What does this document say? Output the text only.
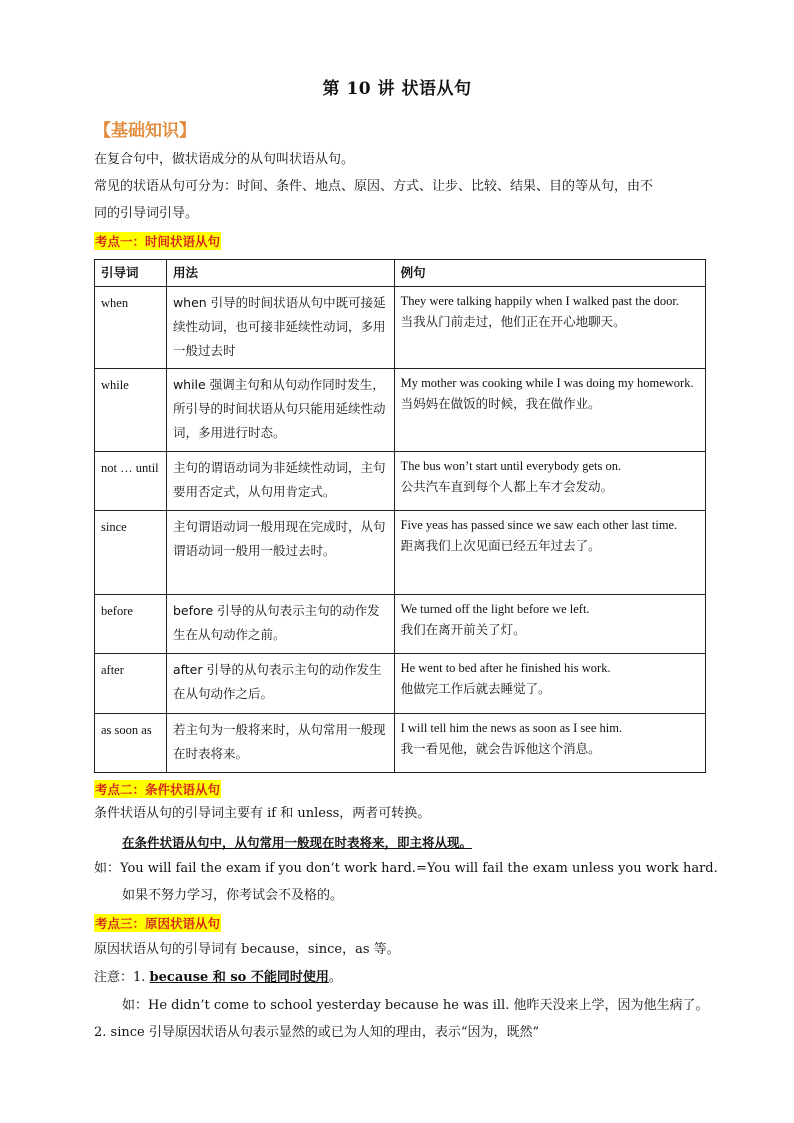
第 10 讲 状语从句
【基础知识】
在复合句中，做状语成分的从句叫状语从句。
常见的状语从句可分为：时间、条件、地点、原因、方式、让步、比较、结果、目的等从句，由不
同的引导词引导。
考点一：时间状语从句
引导词	用法	例句
when	when 引导的时间状语从句中既可接延续性动词，也可接非延续性动词，多用一般过去时	They were talking happily when I walked past the door.
当我从门前走过，他们正在开心地聊天。

while	while 强调主句和从句动作同时发生，所引导的时间状语从句只能用延续性动词，多用进行时态。	My mother was cooking while I was doing my homework.
当妈妈在做饭的时候，我在做作业。

not … until	主句的谓语动词为非延续性动词，主句要用否定式，从句用肯定式。	The bus won’t start until everybody gets on.
公共汽车直到每个人都上车才会发动。

since	主句谓语动词一般用现在完成时，从句谓语动词一般用一般过去时。	Five yeas has passed since we saw each other last time.
距离我们上次见面已经五年过去了。

before	before 引导的从句表示主句的动作发生在从句动作之前。	We turned off the light before we left.
我们在离开前关了灯。

after	after 引导的从句表示主句的动作发生在从句动作之后。	He went to bed after he finished his work.
他做完工作后就去睡觉了。

as soon as	若主句为一般将来时，从句常用一般现在时表将来。	I will tell him the news as soon as I see him.
我一看见他，就会告诉他这个消息。
考点二：条件状语从句
条件状语从句的引导词主要有 if 和 unless，两者可转换。
在条件状语从句中，从句常用一般现在时表将来，即主将从现。
如：You will fail the exam if you don’t work hard.=You will fail the exam unless you work hard.
如果不努力学习，你考试会不及格的。
考点三：原因状语从句
原因状语从句的引导词有 because，since，as 等。
注意：1. because 和 so 不能同时使用。
如：He didn’t come to school yesterday because he was ill. 他昨天没来上学，因为他生病了。
2. since 引导原因状语从句表示显然的或已为人知的理由，表示“因为，既然”
